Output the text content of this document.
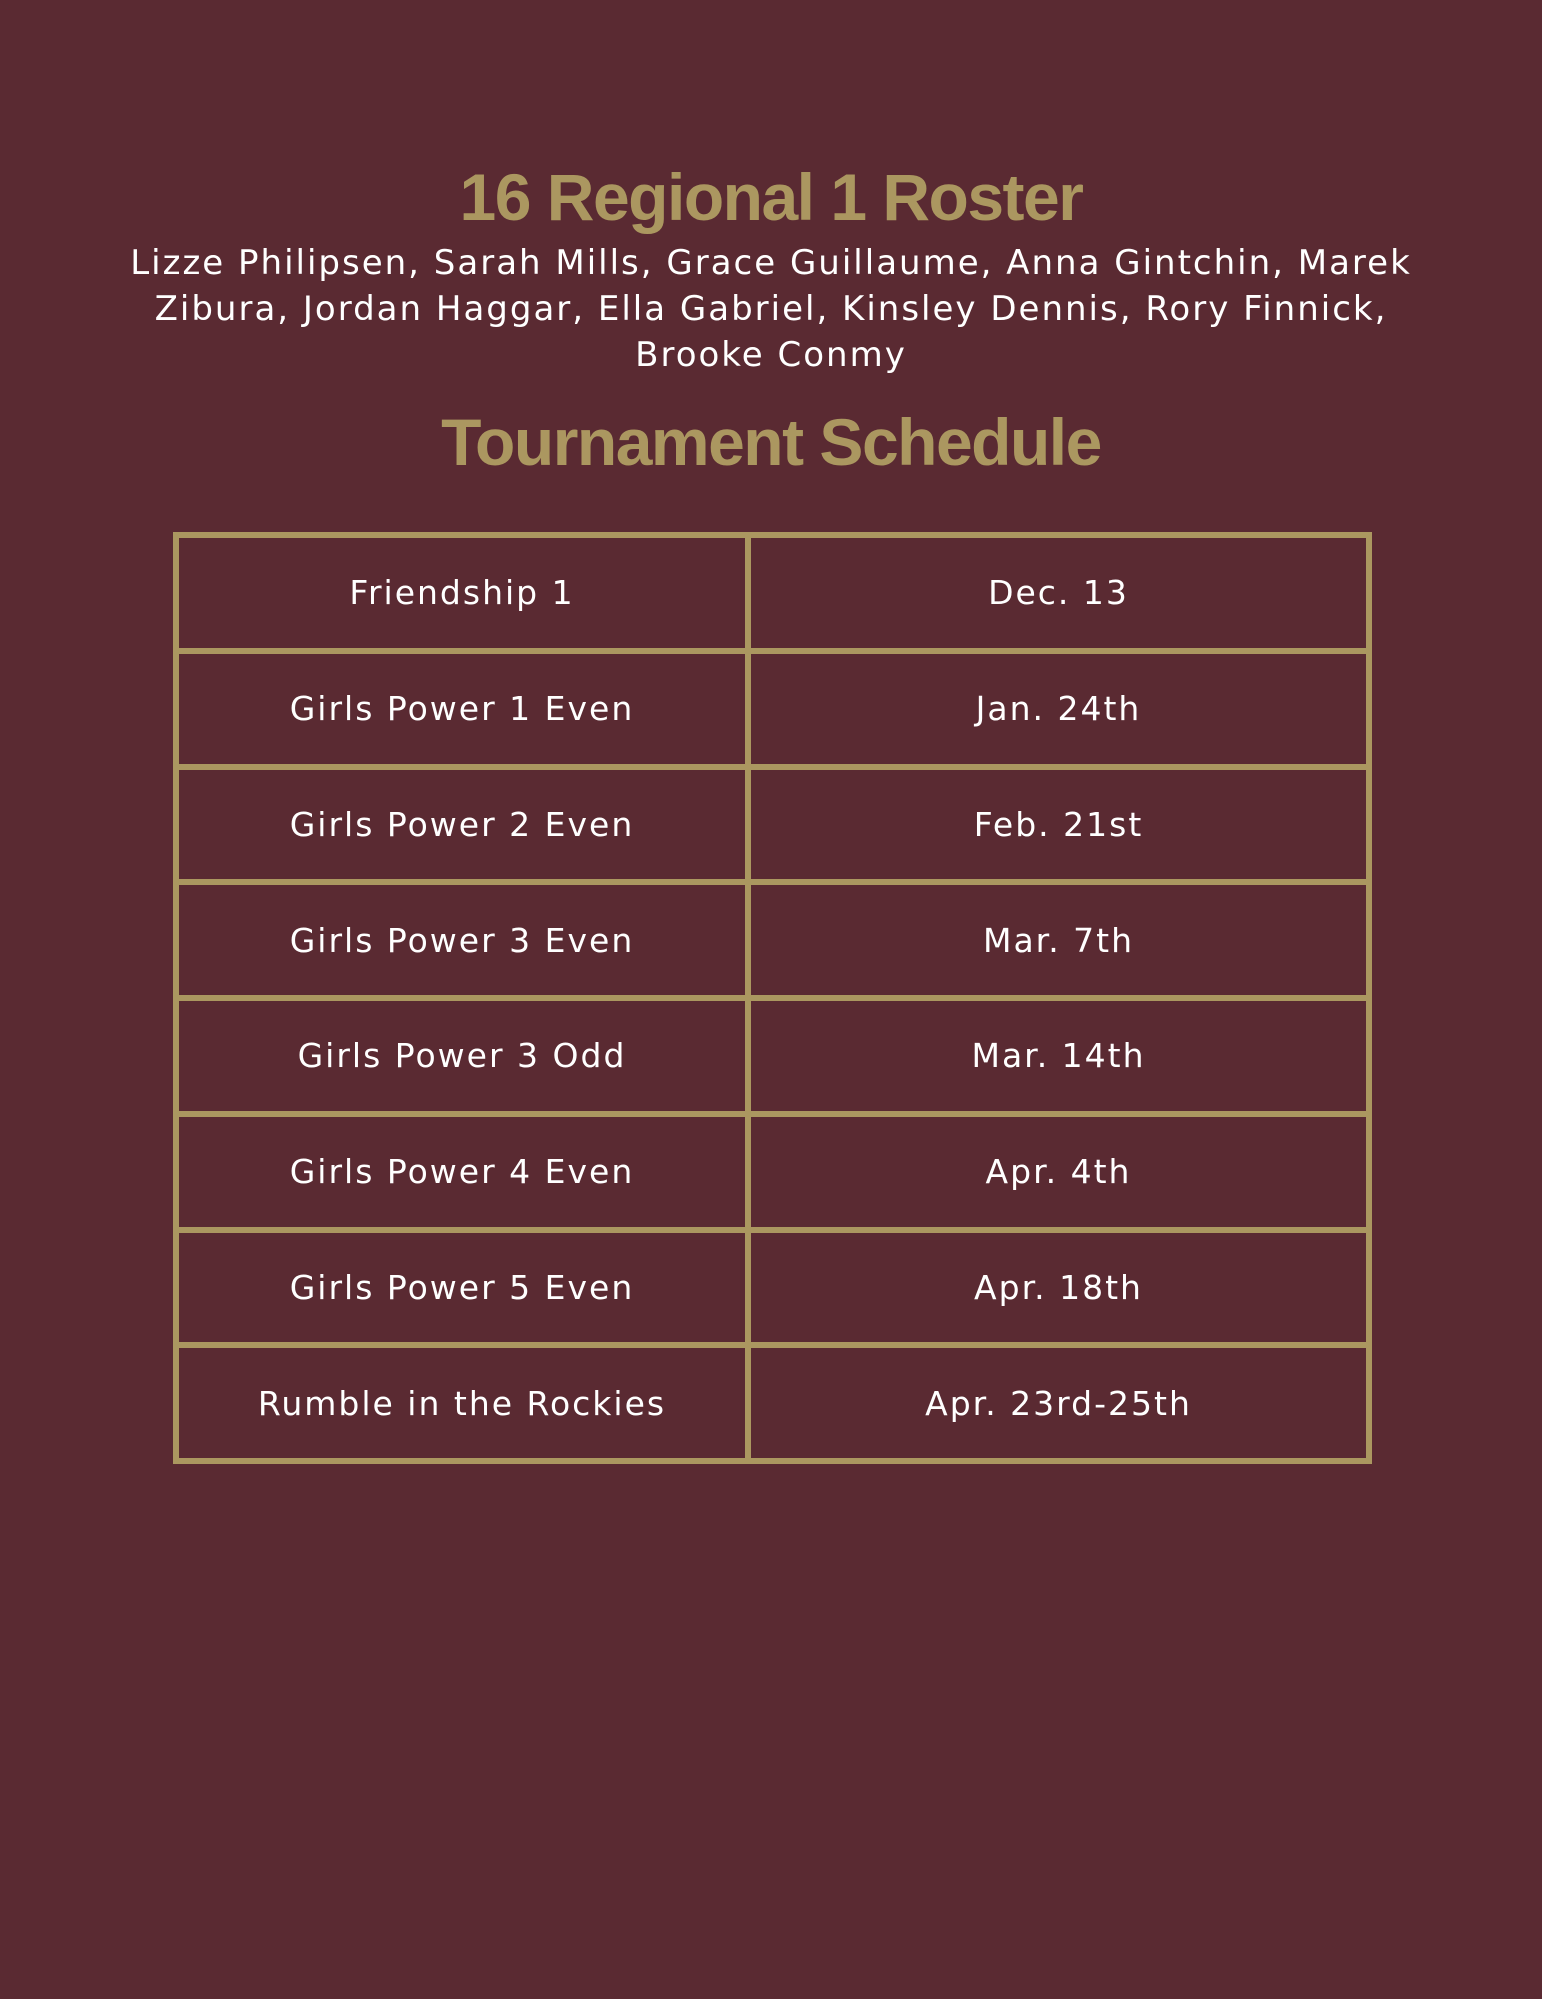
16 Regional 1 Roster

Lizze Philipsen, Sarah Mills, Grace Guillaume, Anna Gintchin, Marek Zibura, Jordan Haggar, Ella Gabriel, Kinsley Dennis, Rory Finnick, Brooke Conmy

Tournament Schedule
Friendship 1	Dec. 13
Girls Power 1 Even	Jan. 24th
Girls Power 2 Even	Feb. 21st
Girls Power 3 Even	Mar. 7th
Girls Power 3 Odd	Mar. 14th
Girls Power 4 Even	Apr. 4th
Girls Power 5 Even	Apr. 18th
Rumble in the Rockies	Apr. 23rd-25th
